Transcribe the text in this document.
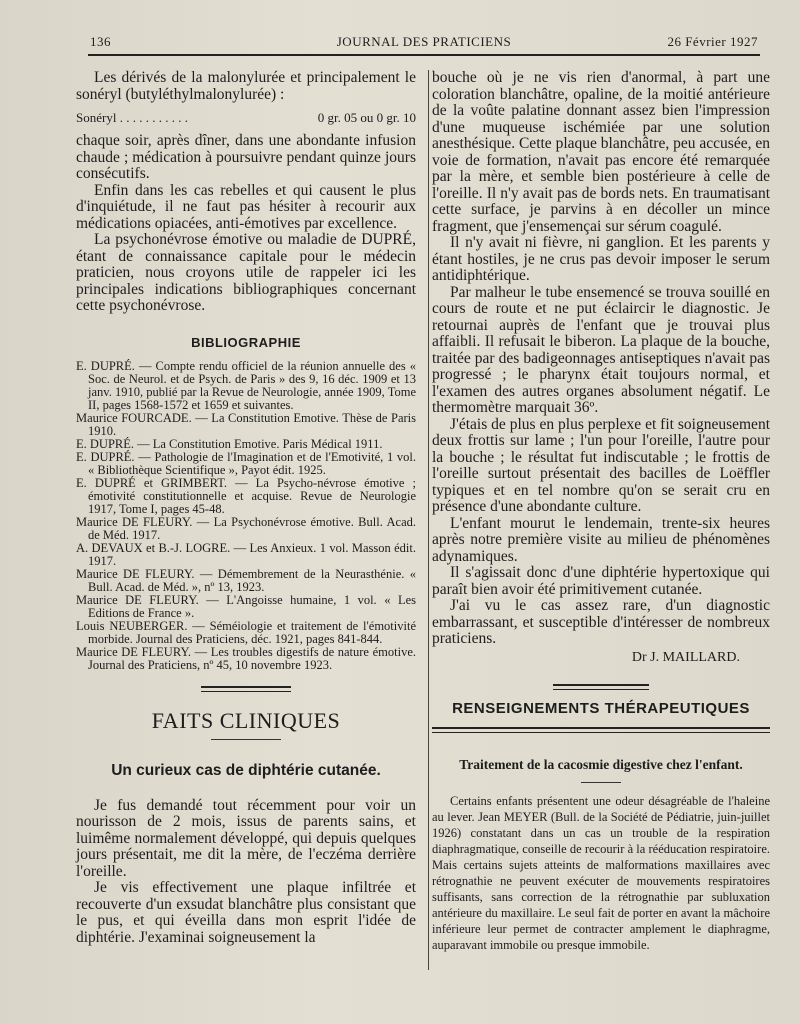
136	JOURNAL DES PRATICIENS	26 Février 1927

Les dérivés de la malonylurée et principalement le sonéryl (butyléthylmalonylurée) :

Sonéryl . . . . . . . . . . .	0 gr. 05 ou 0 gr. 10

chaque soir, après dîner, dans une abondante infusion chaude ; médication à poursuivre pendant quinze jours consécutifs.

Enfin dans les cas rebelles et qui causent le plus d'inquiétude, il ne faut pas hésiter à recourir aux médications opiacées, anti-émotives par excellence.

La psychonévrose émotive ou maladie de DUPRÉ, étant de connaissance capitale pour le médecin praticien, nous croyons utile de rappeler ici les principales indications bibliographiques concernant cette psychonévrose.

BIBLIOGRAPHIE

E. DUPRÉ. — Compte rendu officiel de la réunion annuelle des « Soc. de Neurol. et de Psych. de Paris » des 9, 16 déc. 1909 et 13 janv. 1910, publié par la Revue de Neurologie, année 1909, Tome II, pages 1568-1572 et 1659 et suivantes.

Maurice FOURCADE. — La Constitution Emotive. Thèse de Paris 1910.

E. DUPRÉ. — La Constitution Emotive. Paris Médical 1911.

E. DUPRÉ. — Pathologie de l'Imagination et de l'Emotivité, 1 vol. « Bibliothèque Scientifique », Payot édit. 1925.

E. DUPRÉ et GRIMBERT. — La Psycho-névrose émotive ; émotivité constitutionnelle et acquise. Revue de Neurologie 1917, Tome I, pages 45-48.

Maurice DE FLEURY. — La Psychonévrose émotive. Bull. Acad. de Méd. 1917.

A. DEVAUX et B.-J. LOGRE. — Les Anxieux. 1 vol. Masson édit. 1917.

Maurice DE FLEURY. — Démembrement de la Neurasthénie. « Bull. Acad. de Méd. », nº 13, 1923.

Maurice DE FLEURY. — L'Angoisse humaine, 1 vol. « Les Editions de France ».

Louis NEUBERGER. — Séméiologie et traitement de l'émotivité morbide. Journal des Praticiens, déc. 1921, pages 841-844.

Maurice DE FLEURY. — Les troubles digestifs de nature émotive. Journal des Praticiens, nº 45, 10 novembre 1923.

FAITS CLINIQUES
Un curieux cas de diphtérie cutanée.

Je fus demandé tout récemment pour voir un nourisson de 2 mois, issus de parents sains, et luimême normalement développé, qui depuis quelques jours présentait, me dit la mère, de l'eczéma derrière l'oreille.

Je vis effectivement une plaque infiltrée et recouverte d'un exsudat blanchâtre plus consistant que le pus, et qui éveilla dans mon esprit l'idée de diphtérie. J'examinai soigneusement la

bouche où je ne vis rien d'anormal, à part une coloration blanchâtre, opaline, de la moitié antérieure de la voûte palatine donnant assez bien l'impression d'une muqueuse ischémiée par une solution anesthésique. Cette plaque blanchâtre, peu accusée, en voie de formation, n'avait pas encore été remarquée par la mère, et semble bien postérieure à celle de l'oreille. Il n'y avait pas de bords nets. En traumatisant cette surface, je parvins à en décoller un mince fragment, que j'ensemençai sur sérum coagulé.

Il n'y avait ni fièvre, ni ganglion. Et les parents y étant hostiles, je ne crus pas devoir imposer le serum antidiphtérique.

Par malheur le tube ensemencé se trouva souillé en cours de route et ne put éclaircir le diagnostic. Je retournai auprès de l'enfant que je trouvai plus affaibli. Il refusait le biberon. La plaque de la bouche, traitée par des badigeonnages antiseptiques n'avait pas progressé ; le pharynx était toujours normal, et l'examen des autres organes absolument négatif. Le thermomètre marquait 36º.

J'étais de plus en plus perplexe et fit soigneusement deux frottis sur lame ; l'un pour l'oreille, l'autre pour la bouche ; le résultat fut indiscutable ; le frottis de l'oreille surtout présentait des bacilles de Loëffler typiques et en tel nombre qu'on se serait cru en présence d'une abondante culture.

L'enfant mourut le lendemain, trente-six heures après notre première visite au milieu de phénomènes adynamiques.

Il s'agissait donc d'une diphtérie hypertoxique qui paraît bien avoir été primitivement cutanée.

J'ai vu le cas assez rare, d'un diagnostic embarrassant, et susceptible d'intéresser de nombreux praticiens.

Dr J. MAILLARD.
RENSEIGNEMENTS THÉRAPEUTIQUES
Traitement de la cacosmie digestive chez l'enfant.

Certains enfants présentent une odeur désagréable de l'haleine au lever. Jean MEYER (Bull. de la Société de Pédiatrie, juin-juillet 1926) constatant dans un cas un trouble de la respiration diaphragmatique, conseille de recourir à la rééducation respiratoire. Mais certains sujets atteints de malformations maxillaires avec rétrognathie ne peuvent exécuter de mouvements respiratoires suffisants, sans correction de la rétrognathie par subluxation antérieure du maxillaire. Le seul fait de porter en avant la mâchoire inférieure leur permet de contracter amplement le diaphragme, auparavant immobile ou presque immobile.
